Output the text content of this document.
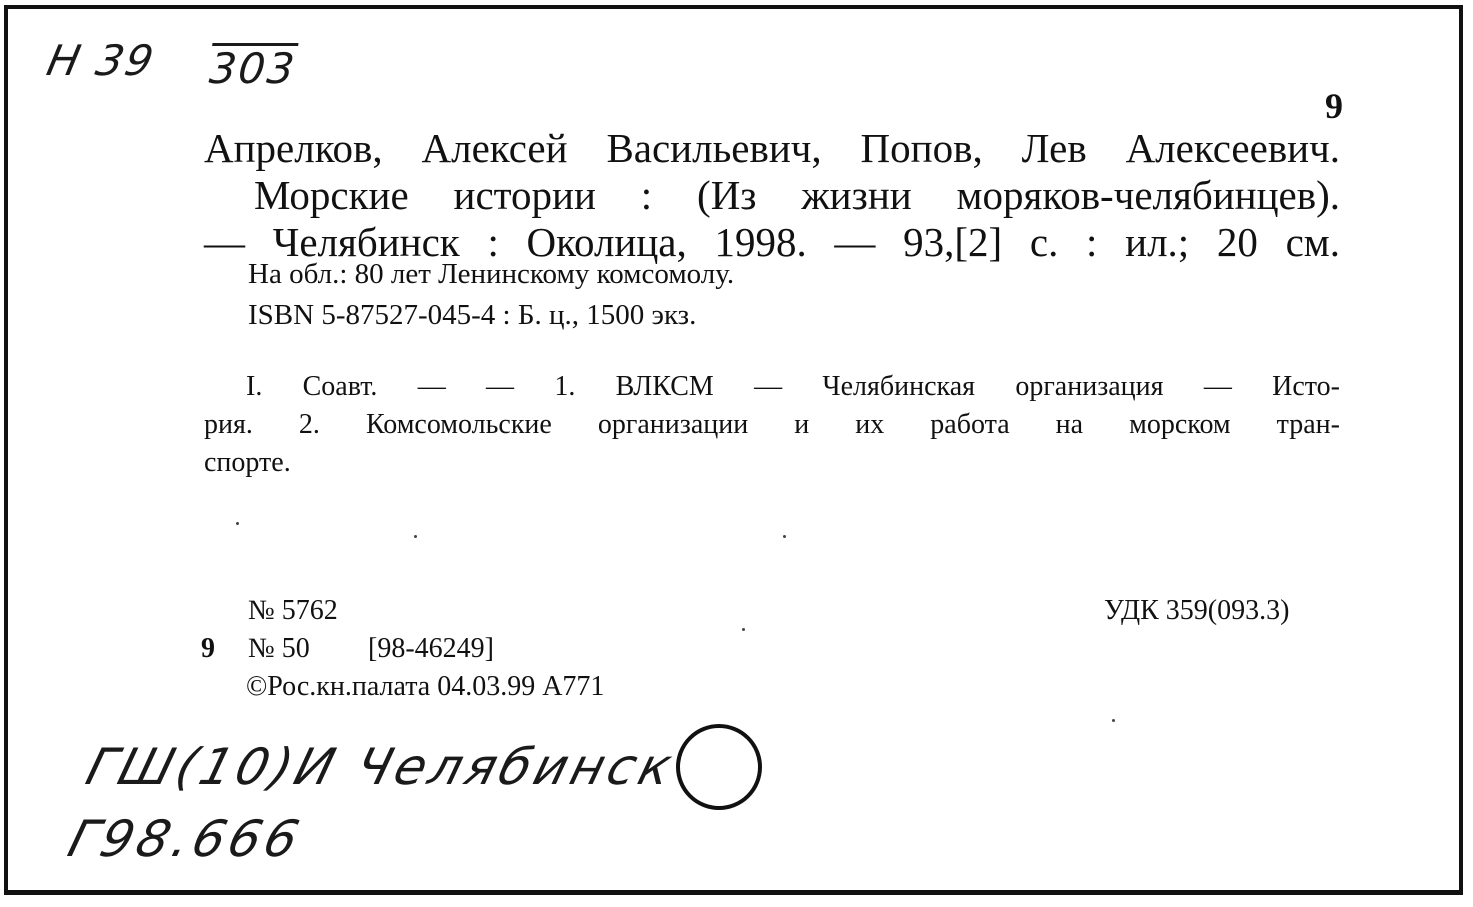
Н 39 303
9
Апрелков, Алексей Васильевич, Попов, Лев Алексеевич.
Морские истории : (Из жизни моряков-челябинцев).
— Челябинск : Околица, 1998. — 93,[2] с. : ил.; 20 см.
На обл.: 80 лет Ленинскому комсомолу.
ISBN 5-87527-045-4 : Б. ц., 1500 экз.
I. Соавт. — — 1. ВЛКСМ — Челябинская организация — Исто-
рия. 2. Комсомольские организации и их работа на морском тран-
спорте.
№ 5762
9 № 50 [98-46249]
©Рос.кн.палата 04.03.99 А771
УДК 359(093.3)
ГШ(10)И Челябинск
Г98.666
